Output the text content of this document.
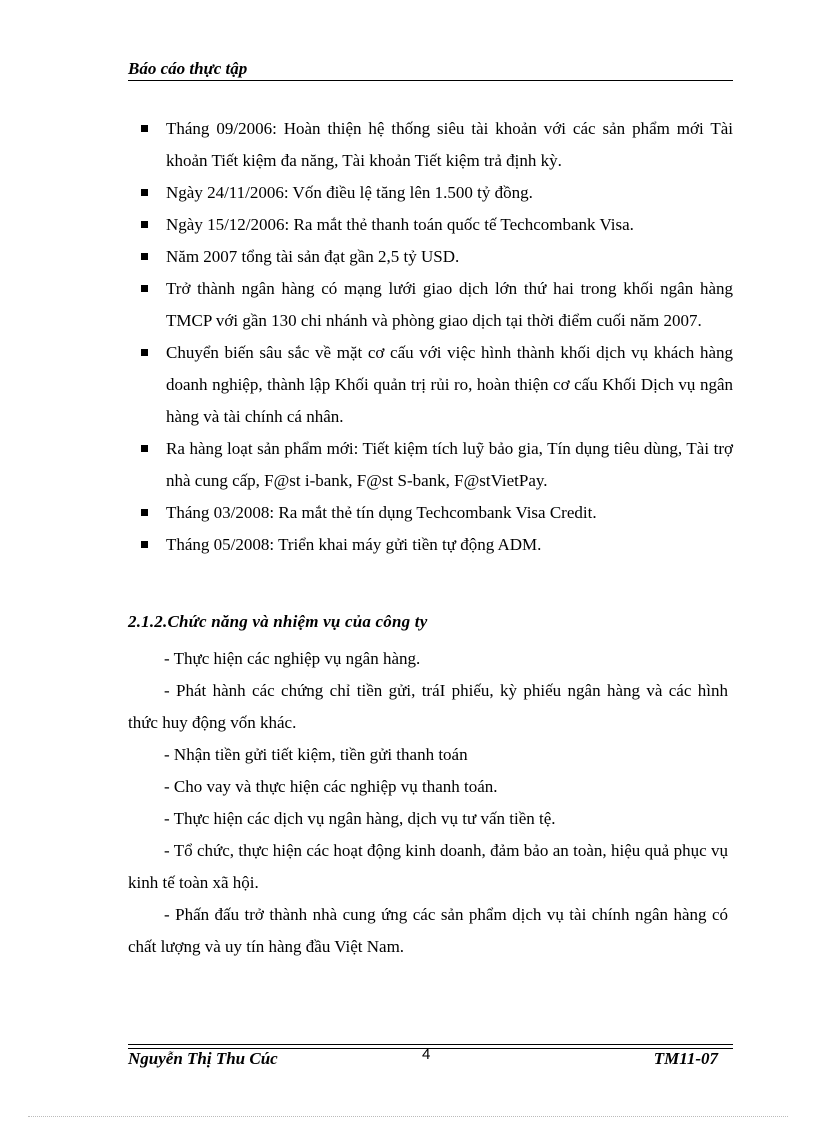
Báo cáo thực tập
Tháng 09/2006: Hoàn thiện hệ thống siêu tài khoản với các sản phẩm mới Tài khoản Tiết kiệm đa năng, Tài khoản Tiết kiệm trả định kỳ.
Ngày 24/11/2006: Vốn điều lệ tăng lên 1.500 tỷ đồng.
Ngày 15/12/2006: Ra mắt thẻ thanh toán quốc tế Techcombank Visa.
Năm 2007 tổng tài sản đạt gần 2,5 tỷ USD.
Trở thành ngân hàng có mạng lưới giao dịch lớn thứ hai trong khối ngân hàng TMCP với gần 130 chi nhánh và phòng giao dịch tại thời điểm cuối năm 2007.
Chuyển biến sâu sắc về mặt cơ cấu với việc hình thành khối dịch vụ khách hàng doanh nghiệp, thành lập Khối quản trị rủi ro, hoàn thiện cơ cấu Khối Dịch vụ ngân hàng và tài chính cá nhân.
Ra hàng loạt sản phẩm mới: Tiết kiệm tích luỹ bảo gia, Tín dụng tiêu dùng, Tài trợ nhà cung cấp, F@st i-bank, F@st S-bank, F@stVietPay.
Tháng 03/2008: Ra mắt thẻ tín dụng Techcombank Visa Credit.
Tháng 05/2008: Triển khai máy gửi tiền tự động ADM.
2.1.2.Chức năng và nhiệm vụ của công ty

- Thực hiện các nghiệp vụ ngân hàng.

- Phát hành các chứng chỉ tiền gửi, tráI phiếu, kỳ phiếu ngân hàng và các hình thức huy động vốn khác.

- Nhận tiền gửi tiết kiệm, tiền gửi thanh toán

- Cho vay và thực hiện các nghiệp vụ thanh toán.

- Thực hiện các dịch vụ ngân hàng, dịch vụ tư vấn tiền tệ.

- Tổ chức, thực hiện các hoạt động kinh doanh, đảm bảo an toàn, hiệu quả phục vụ kinh tế toàn xã hội.

- Phấn đấu trở thành nhà cung ứng các sản phẩm dịch vụ tài chính ngân hàng có chất lượng và uy tín hàng đầu Việt Nam.

Nguyễn Thị Thu Cúc	4	TM11-07
